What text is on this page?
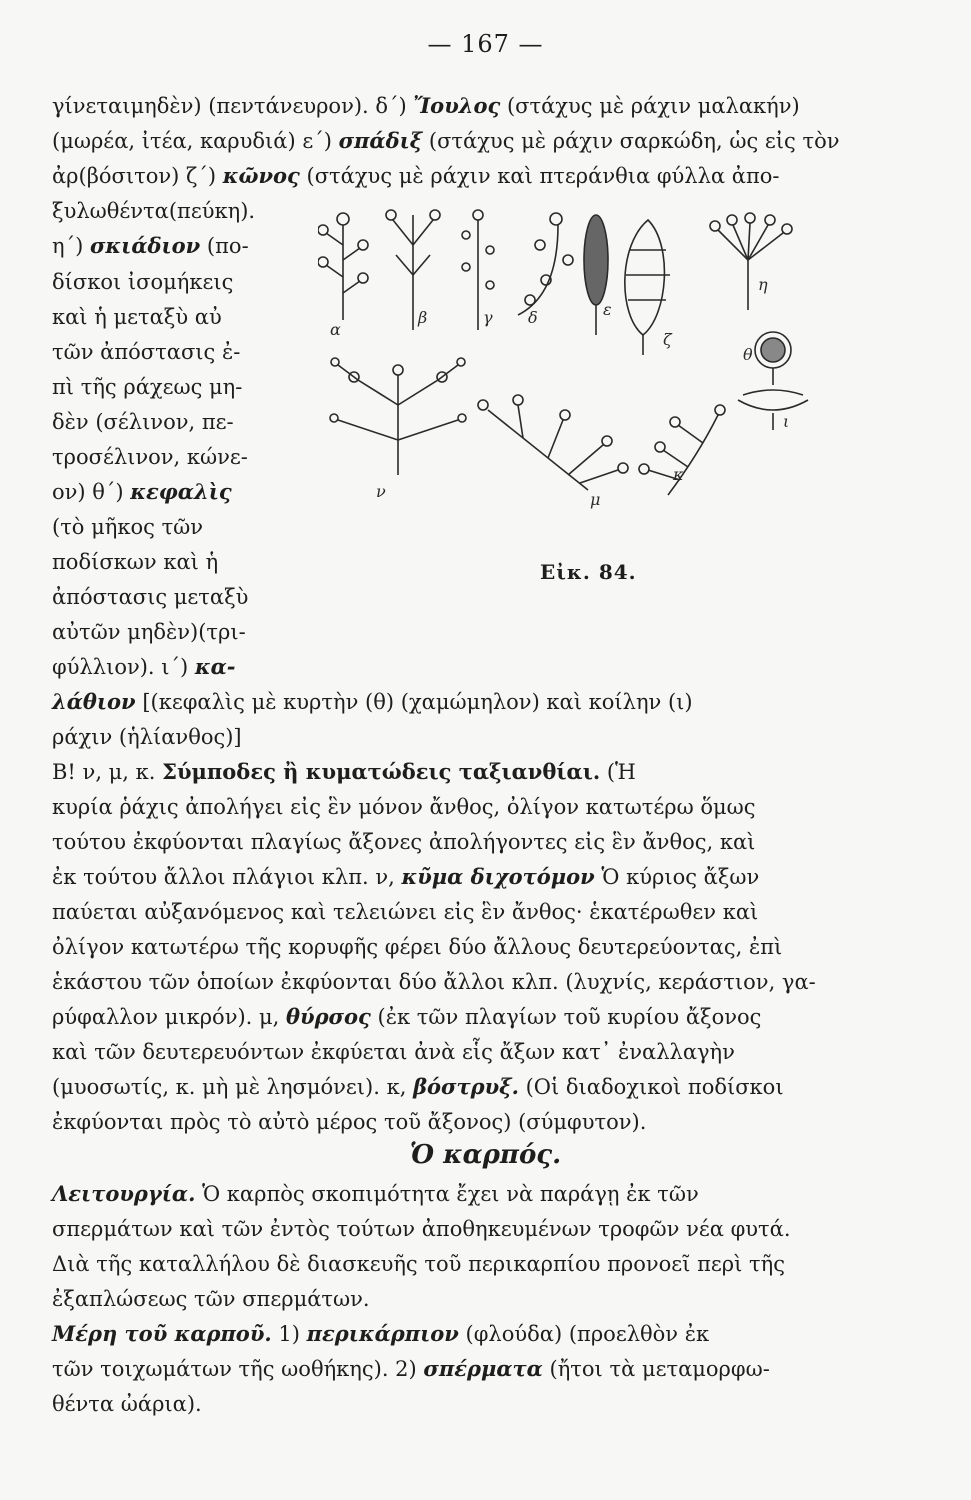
— 167 —
γίνεταιμηδὲν) (πεντάνευρον). δ΄) Ἴουλος (στάχυς μὲ ράχιν μαλακήν)
(μωρέα, ἰτέα, καρυδιά) ε΄) σπάδιξ (στάχυς μὲ ράχιν σαρκώδη, ὡς εἰς τὸν
ἀρ(βόσιτον) ζ΄) κῶνος (στάχυς μὲ ράχιν καὶ πτεράνθια φύλλα ἀπο-
ξυλωθέντα(πεύκη).
η΄) σκιάδιον (πο-
δίσκοι ἰσομήκεις
καὶ ἡ μεταξὺ αὐ
τῶν ἀπόστασις ἐ-
πὶ τῆς ράχεως μη-
δὲν (σέλινον, πε-
τροσέλινον, κώνε-
ον) θ΄) κεφαλὶς
(τὸ μῆκος τῶν
ποδίσκων καὶ ἡ
ἀπόστασις μεταξὺ
αὐτῶν μηδὲν)(τρι-
φύλλιον). ι΄) κα-
λάθιον [(κεφαλὶς μὲ κυρτὴν (θ) (χαμώμηλον) καὶ κοίλην (ι)
ράχιν (ἡλίανθος)]
Β! ν, μ, κ. Σύμποδες ἢ κυματώδεις ταξιανθίαι. (Ἡ
κυρία ῥάχις ἀπολήγει εἰς ἓν μόνον ἄνθος, ὀλίγον κατωτέρω ὅμως
τούτου ἐκφύονται πλαγίως ἄξονες ἀπολήγοντες εἰς ἓν ἄνθος, καὶ
ἐκ τούτου ἄλλοι πλάγιοι κλπ. ν, κῦμα διχοτόμον Ὁ κύριος ἄξων
παύεται αὐξανόμενος καὶ τελειώνει εἰς ἓν ἄνθος· ἑκατέρωθεν καὶ
ὀλίγον κατωτέρω τῆς κορυφῆς φέρει δύο ἄλλους δευτερεύοντας, ἐπὶ
ἑκάστου τῶν ὁποίων ἐκφύονται δύο ἄλλοι κλπ. (λυχνίς, κεράστιον, γα-
ρύφαλλον μικρόν). μ, θύρσος (ἐκ τῶν πλαγίων τοῦ κυρίου ἄξονος
καὶ τῶν δευτερευόντων ἐκφύεται ἀνὰ εἷς ἄξων κατ᾿ ἐναλλαγὴν
(μυοσωτίς, κ. μὴ μὲ λησμόνει). κ, βόστρυξ. (Οἱ διαδοχικοὶ ποδίσκοι
ἐκφύονται πρὸς τὸ αὐτὸ μέρος τοῦ ἄξονος) (σύμφυτον).
Λειτουργία. Ὁ καρπὸς σκοπιμότητα ἔχει νὰ παράγῃ ἐκ τῶν
σπερμάτων καὶ τῶν ἐντὸς τούτων ἀποθηκευμένων τροφῶν νέα φυτά.
Διὰ τῆς καταλλήλου δὲ διασκευῆς τοῦ περικαρπίου προνοεῖ περὶ τῆς
ἐξαπλώσεως τῶν σπερμάτων.
Μέρη τοῦ καρποῦ. 1) περικάρπιον (φλούδα) (προελθὸν ἐκ
τῶν τοιχωμάτων τῆς ωοθήκης). 2) σπέρματα (ἤτοι τὰ μεταμορφω-
θέντα ὠάρια).
α
β	γ δ	ε
ζ
η
θ
ι
κ
μ
ν
Εἰκ. 84.
Ὁ καρπός.
